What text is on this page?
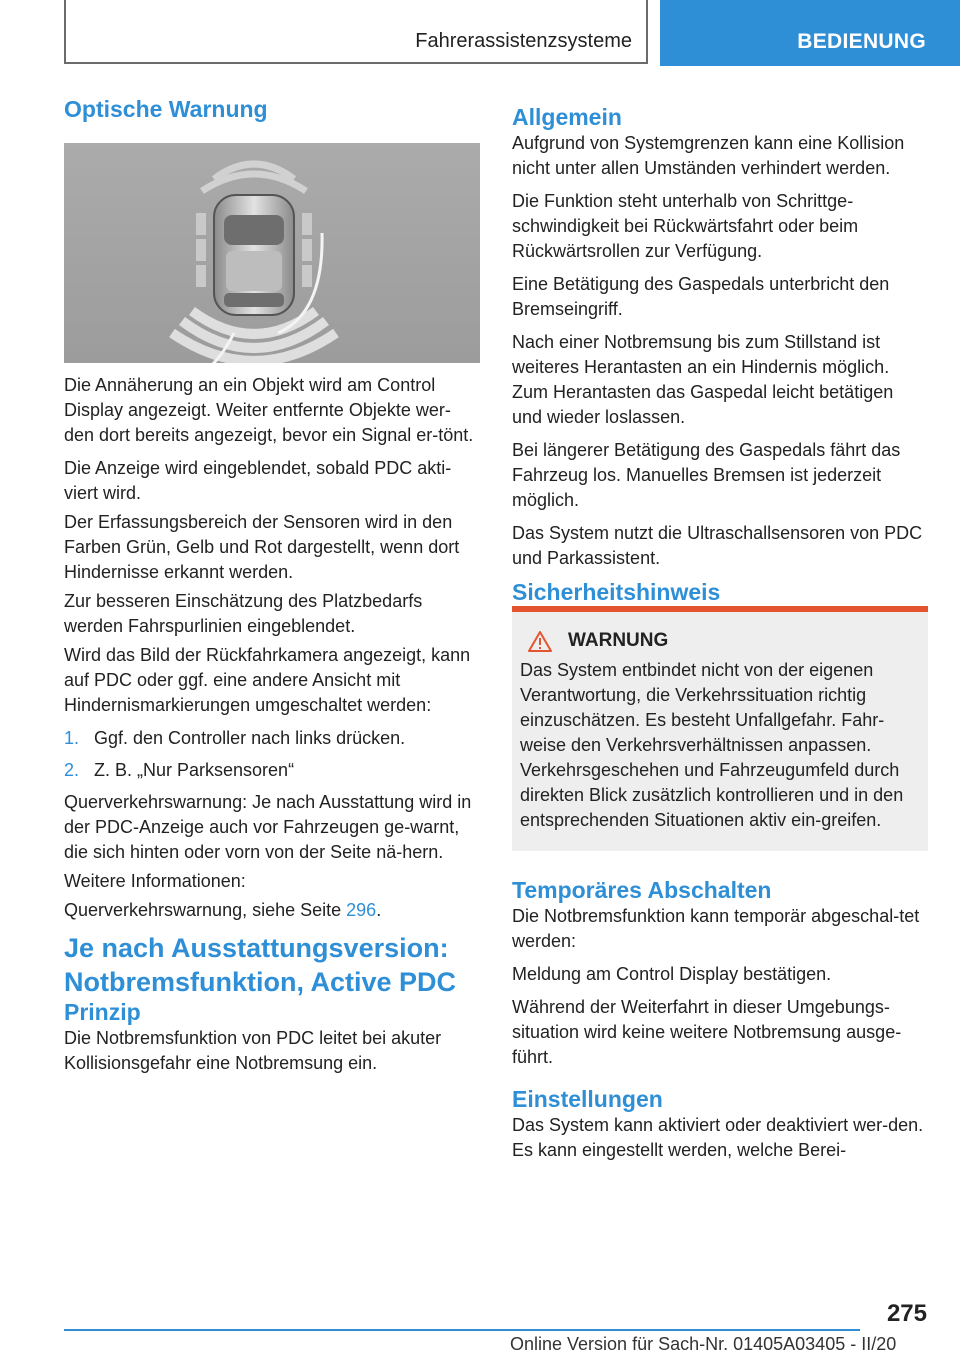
Fahrerassistenzsysteme	BEDIENUNG
Optische Warnung

Die Annäherung an ein Objekt wird am Control Display angezeigt. Weiter entfernte Objekte wer-den dort bereits angezeigt, bevor ein Signal er-tönt.

Die Anzeige wird eingeblendet, sobald PDC akti-viert wird.

Der Erfassungsbereich der Sensoren wird in den Farben Grün, Gelb und Rot dargestellt, wenn dort Hindernisse erkannt werden.

Zur besseren Einschätzung des Platzbedarfs werden Fahrspurlinien eingeblendet.

Wird das Bild der Rückfahrkamera angezeigt, kann auf PDC oder ggf. eine andere Ansicht mit Hindernismarkierungen umgeschaltet werden:

1. Ggf. den Controller nach links drücken.
2. Z. B. „Nur Parksensoren“

Querverkehrswarnung: Je nach Ausstattung wird in der PDC-Anzeige auch vor Fahrzeugen ge-warnt, die sich hinten oder vorn von der Seite nä-hern.

Weitere Informationen:

Querverkehrswarnung, siehe Seite 296.

Je nach Ausstattungsversion: Notbremsfunktion, Active PDC
Prinzip

Die Notbremsfunktion von PDC leitet bei akuter Kollisionsgefahr eine Notbremsung ein.

Allgemein

Aufgrund von Systemgrenzen kann eine Kollision nicht unter allen Umständen verhindert werden.

Die Funktion steht unterhalb von Schrittge-schwindigkeit bei Rückwärtsfahrt oder beim Rückwärtsrollen zur Verfügung.

Eine Betätigung des Gaspedals unterbricht den Bremseingriff.

Nach einer Notbremsung bis zum Stillstand ist weiteres Herantasten an ein Hindernis möglich. Zum Herantasten das Gaspedal leicht betätigen und wieder loslassen.

Bei längerer Betätigung des Gaspedals fährt das Fahrzeug los. Manuelles Bremsen ist jederzeit möglich.

Das System nutzt die Ultraschallsensoren von PDC und Parkassistent.

Sicherheitshinweis
WARNUNG

Das System entbindet nicht von der eigenen Verantwortung, die Verkehrssituation richtig einzuschätzen. Es besteht Unfallgefahr. Fahr-weise den Verkehrsverhältnissen anpassen. Verkehrsgeschehen und Fahrzeugumfeld durch direkten Blick zusätzlich kontrollieren und in den entsprechenden Situationen aktiv ein-greifen.

Temporäres Abschalten

Die Notbremsfunktion kann temporär abgeschal-tet werden:

Meldung am Control Display bestätigen.

Während der Weiterfahrt in dieser Umgebungs-situation wird keine weitere Notbremsung ausge-führt.

Einstellungen

Das System kann aktiviert oder deaktiviert wer-den. Es kann eingestellt werden, welche Berei-

275
Online Version für Sach-Nr. 01405A03405 - II/20
